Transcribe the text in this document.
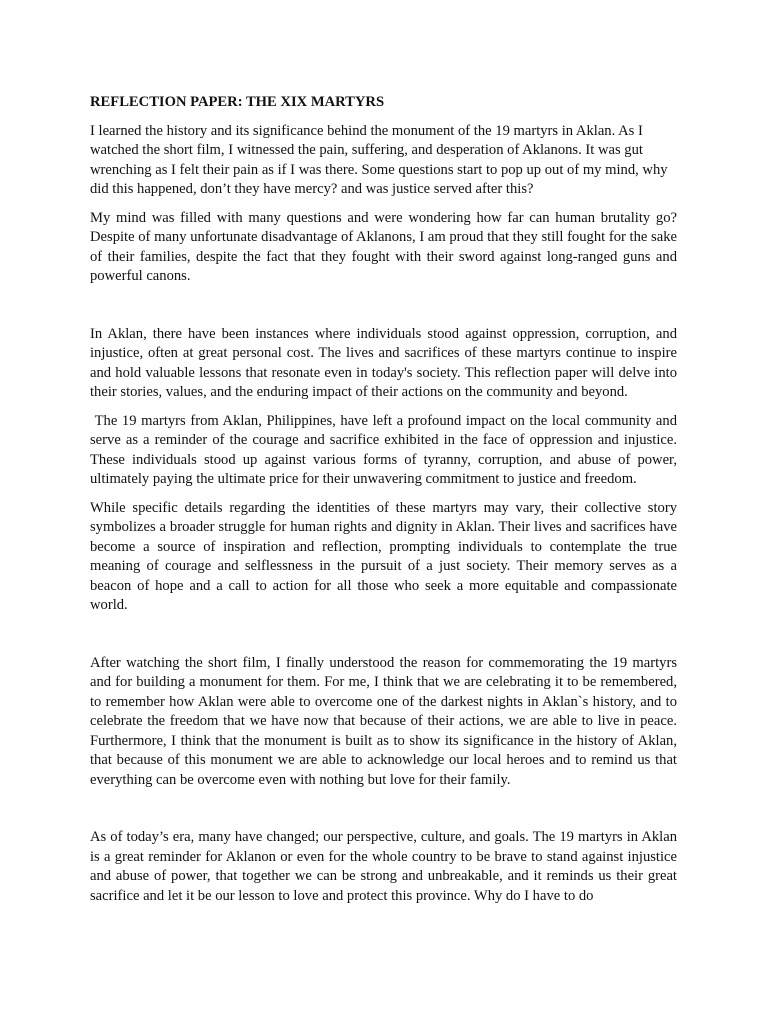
REFLECTION PAPER: THE XIX MARTYRS

I learned the history and its significance behind the monument of the 19 martyrs in Aklan. As I watched the short film, I witnessed the pain, suffering, and desperation of Aklanons. It was gut wrenching as I felt their pain as if I was there. Some questions start to pop up out of my mind, why did this happened, don’t they have mercy? and was justice served after this?

My mind was filled with many questions and were wondering how far can human brutality go? Despite of many unfortunate disadvantage of Aklanons, I am proud that they still fought for the sake of their families, despite the fact that they fought with their sword against long-ranged guns and powerful canons.

In Aklan, there have been instances where individuals stood against oppression, corruption, and injustice, often at great personal cost. The lives and sacrifices of these martyrs continue to inspire and hold valuable lessons that resonate even in today's society. This reflection paper will delve into their stories, values, and the enduring impact of their actions on the community and beyond.

The 19 martyrs from Aklan, Philippines, have left a profound impact on the local community and serve as a reminder of the courage and sacrifice exhibited in the face of oppression and injustice. These individuals stood up against various forms of tyranny, corruption, and abuse of power, ultimately paying the ultimate price for their unwavering commitment to justice and freedom.

While specific details regarding the identities of these martyrs may vary, their collective story symbolizes a broader struggle for human rights and dignity in Aklan. Their lives and sacrifices have become a source of inspiration and reflection, prompting individuals to contemplate the true meaning of courage and selflessness in the pursuit of a just society. Their memory serves as a beacon of hope and a call to action for all those who seek a more equitable and compassionate world.

After watching the short film, I finally understood the reason for commemorating the 19 martyrs and for building a monument for them. For me, I think that we are celebrating it to be remembered, to remember how Aklan were able to overcome one of the darkest nights in Aklan`s history, and to celebrate the freedom that we have now that because of their actions, we are able to live in peace. Furthermore, I think that the monument is built as to show its significance in the history of Aklan, that because of this monument we are able to acknowledge our local heroes and to remind us that everything can be overcome even with nothing but love for their family.

As of today’s era, many have changed; our perspective, culture, and goals. The 19 martyrs in Aklan is a great reminder for Aklanon or even for the whole country to be brave to stand against injustice and abuse of power, that together we can be strong and unbreakable, and it reminds us their great sacrifice and let it be our lesson to love and protect this province. Why do I have to do
